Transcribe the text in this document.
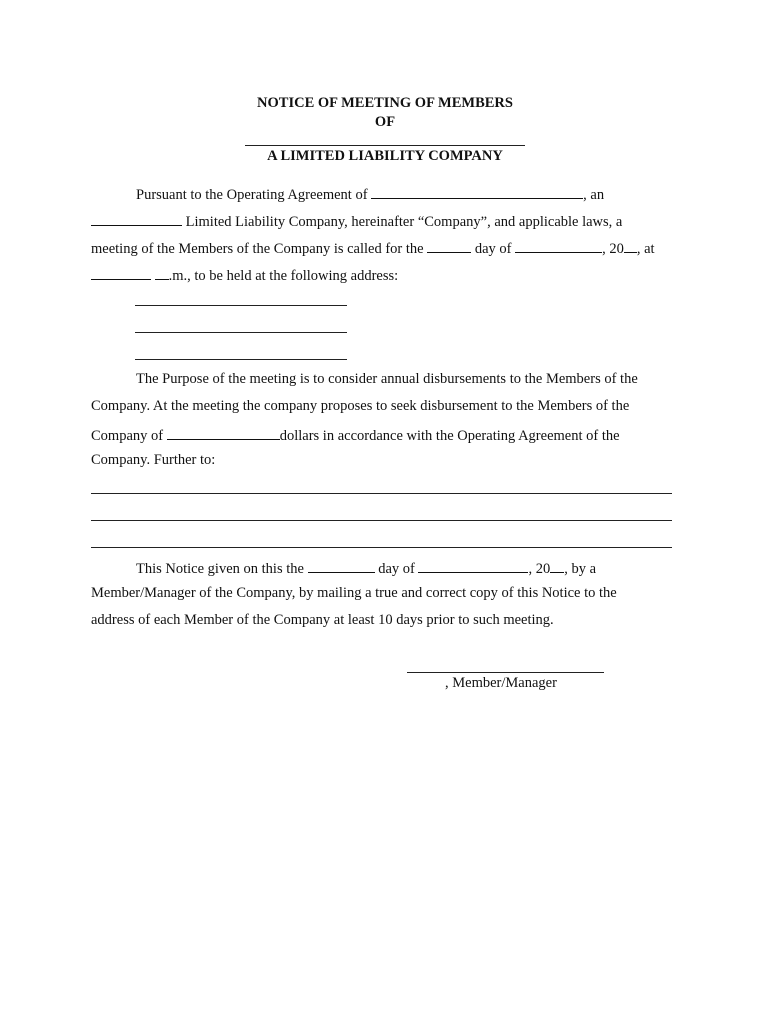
NOTICE OF MEETING OF MEMBERS
OF
A LIMITED LIABILITY COMPANY
Pursuant to the Operating Agreement of	, an
Limited Liability Company, hereinafter “Company”, and applicable laws, a
meeting of the Members of the Company is called for the	day of	, 20 , at
.m., to be held at the following address:
The Purpose of the meeting is to consider annual disbursements to the Members of the
Company. At the meeting the company proposes to seek disbursement to the Members of the
Company of	dollars in accordance with the Operating Agreement of the
Company. Further to:
This Notice given on this the	day of	, 20 , by a
Member/Manager of the Company, by mailing a true and correct copy of this Notice to the
address of each Member of the Company at least 10 days prior to such meeting.
, Member/Manager
